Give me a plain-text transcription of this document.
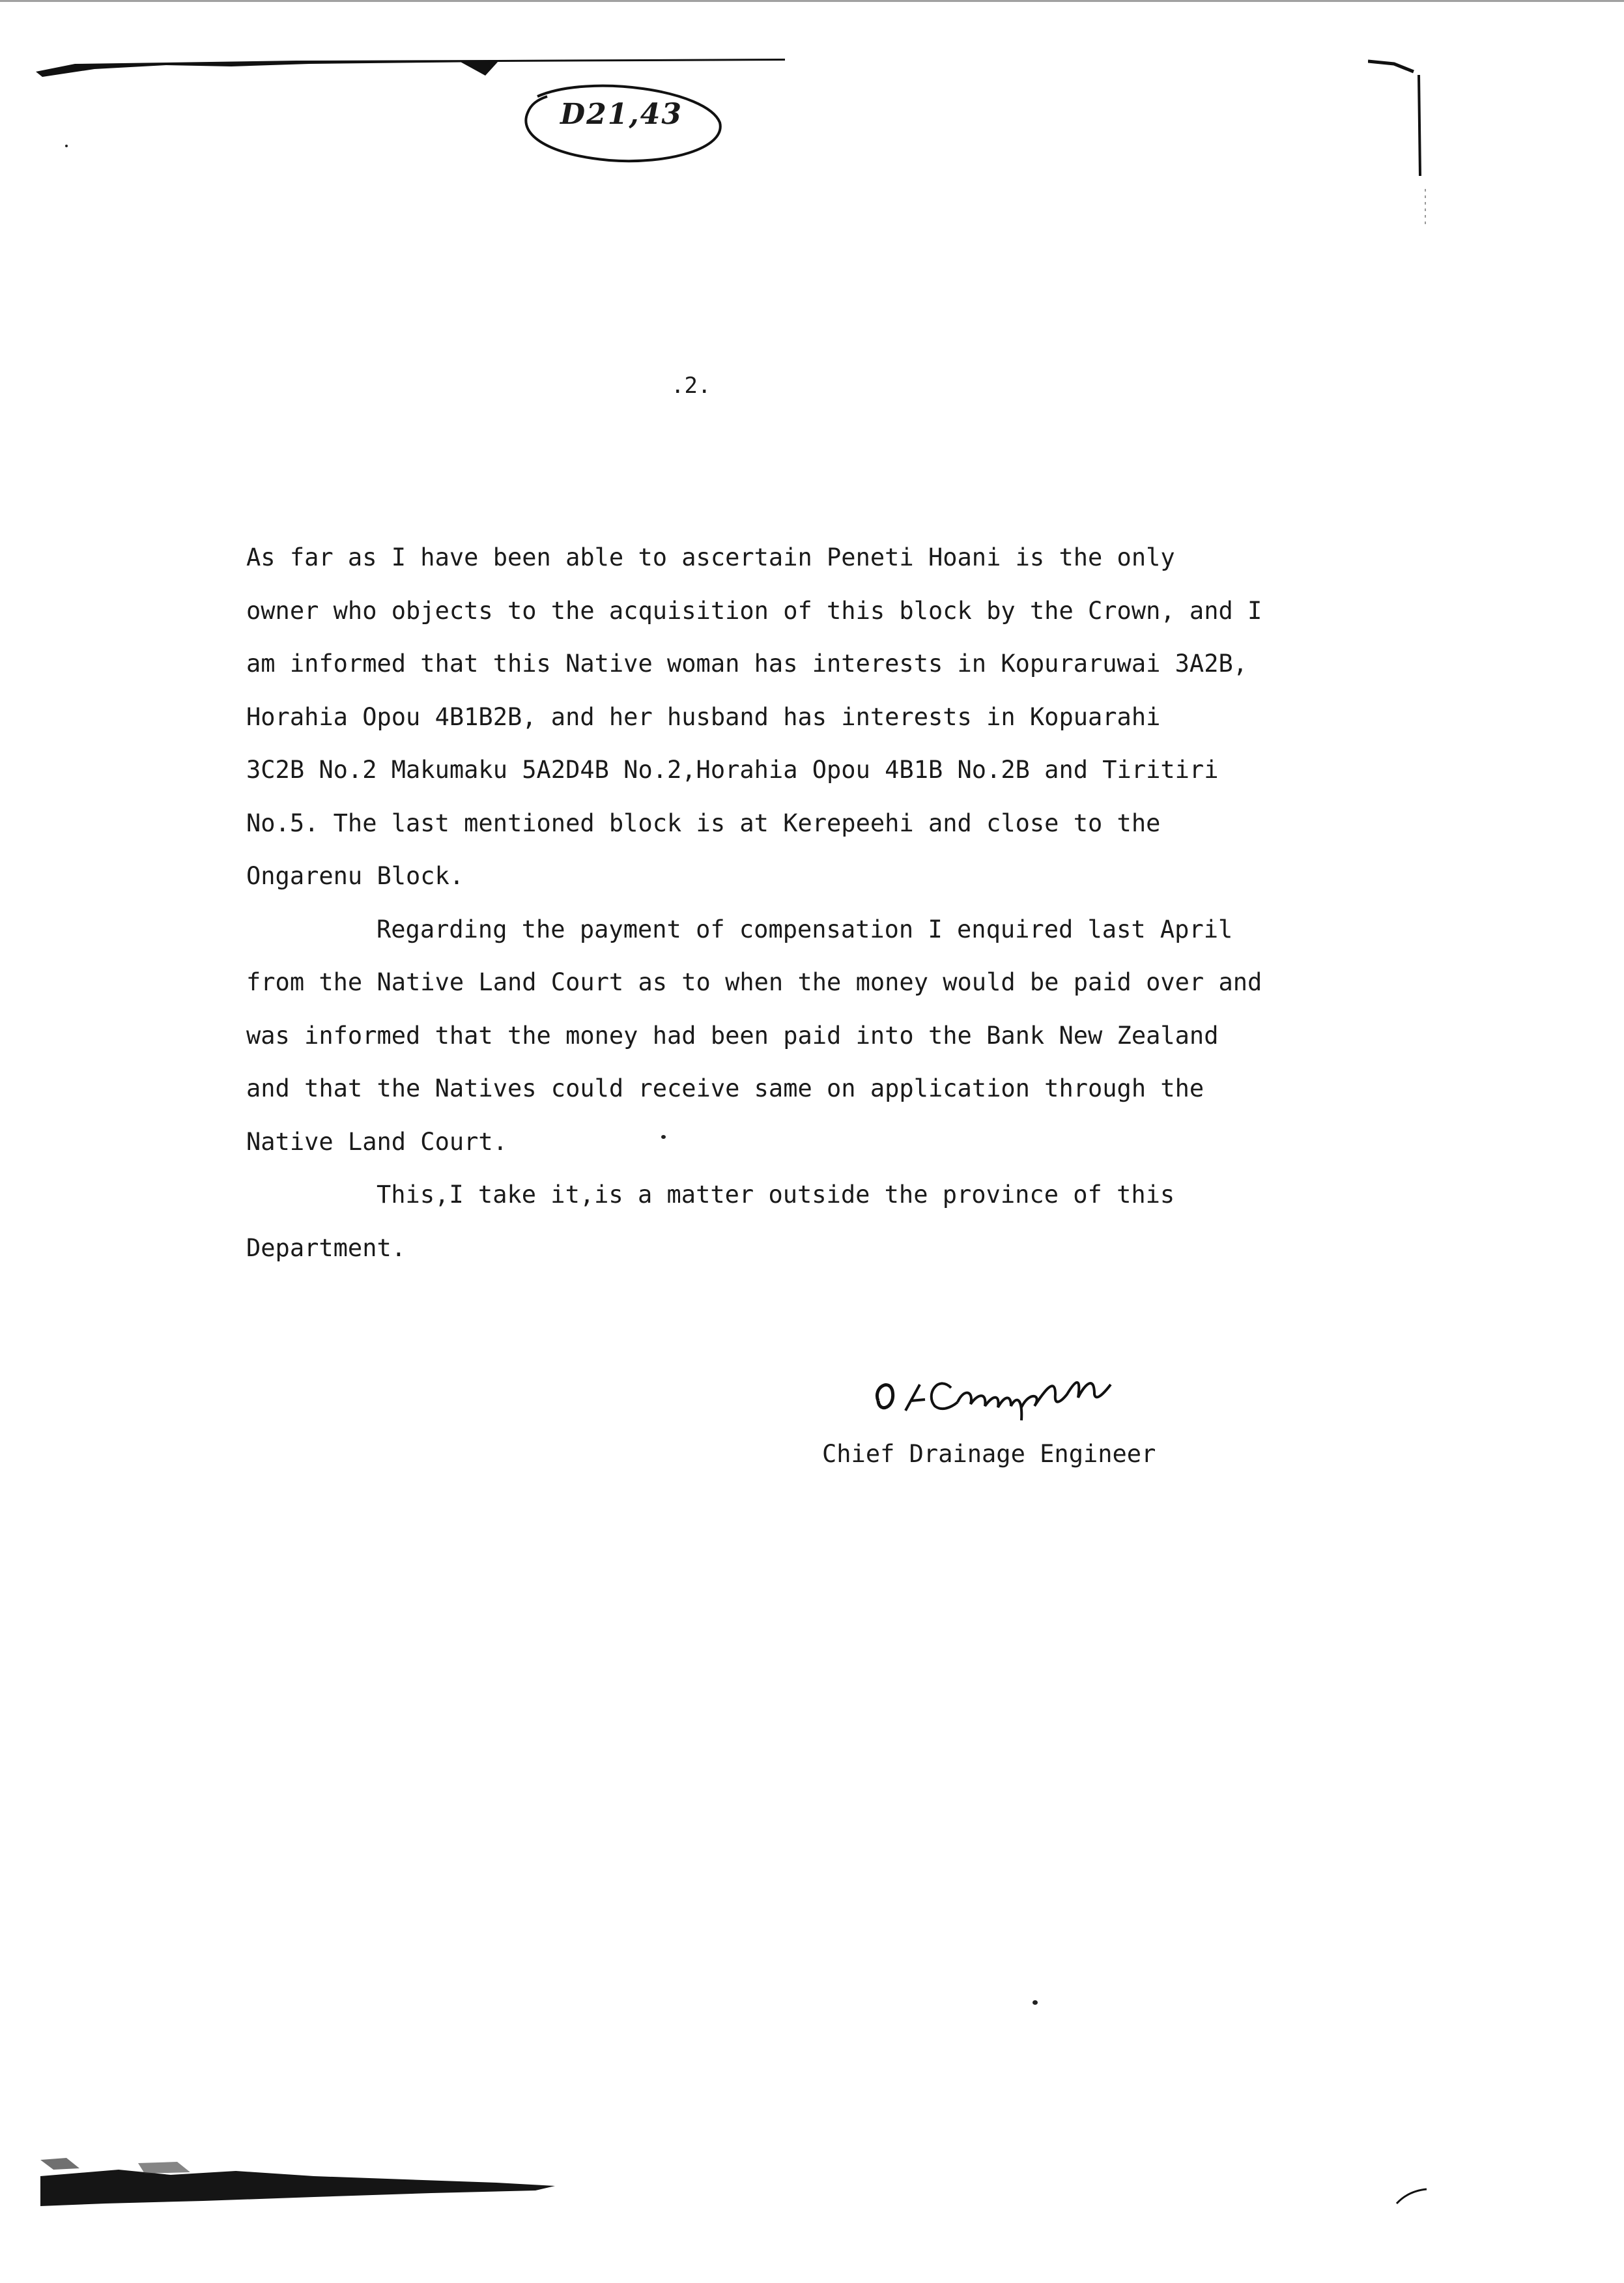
D21,43
.2.
As far as I have been able to ascertain Peneti Hoani is the only
owner who objects to the acquisition of this block by the Crown, and I
am informed that this Native woman has interests in Kopuraruwai 3A2B,
Horahia Opou 4B1B2B, and her husband has interests in Kopuarahi
3C2B No.2 Makumaku 5A2D4B No.2,Horahia Opou 4B1B No.2B and Tiritiri
No.5. The last mentioned block is at Kerepeehi and close to the
Ongarenu Block.
Regarding the payment of compensation I enquired last April
from the Native Land Court as to when the money would be paid over and
was informed that the money had been paid into the Bank New Zealand
and that the Natives could receive same on application through the
Native Land Court.
This,I take it,is a matter outside the province of this
Department.
Chief Drainage Engineer
